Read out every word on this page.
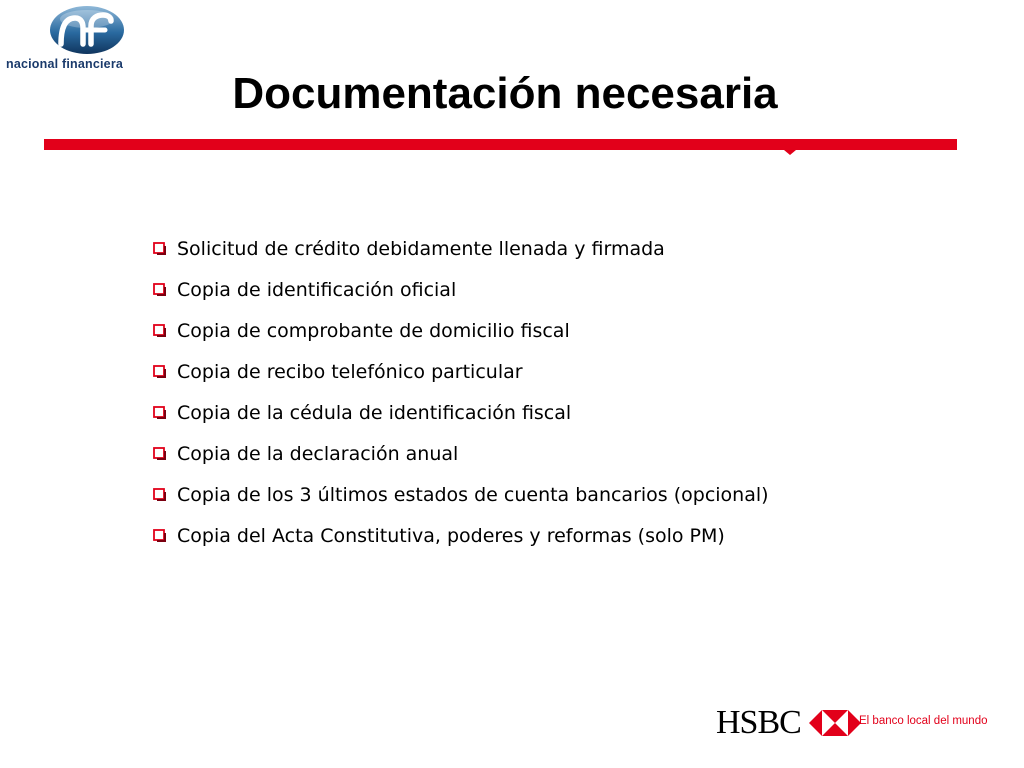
nacional financiera
Documentación necesaria
Solicitud de crédito debidamente llenada y firmada
Copia de identificación oficial
Copia de comprobante de domicilio fiscal
Copia de recibo telefónico particular
Copia de la cédula de identificación fiscal
Copia de la declaración anual
Copia de los 3 últimos estados de cuenta bancarios (opcional)
Copia del Acta Constitutiva, poderes y reformas (solo PM)
HSBC	El banco local del mundo
